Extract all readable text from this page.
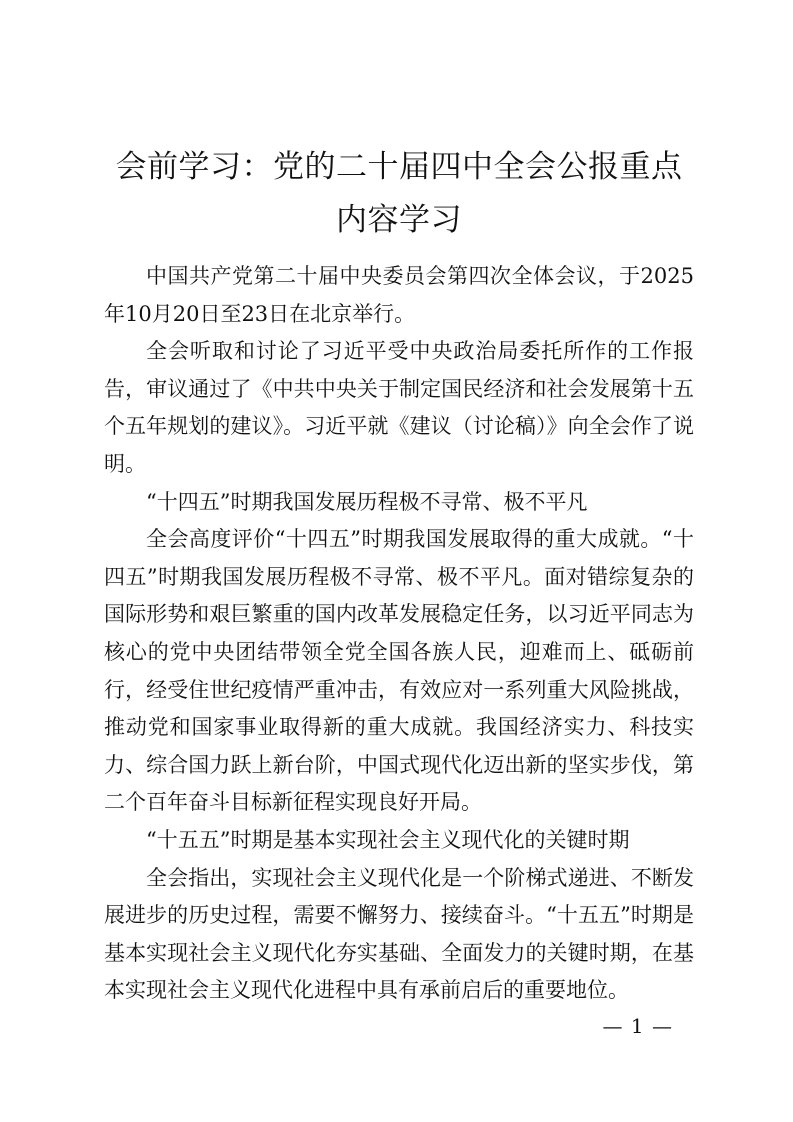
会前学习：党的二十届四中全会公报重点内容学习

中国共产党第二十届中央委员会第四次全体会议，于2025年10月20日至23日在北京举行。

全会听取和讨论了习近平受中央政治局委托所作的工作报告，审议通过了《中共中央关于制定国民经济和社会发展第十五个五年规划的建议》。习近平就《建议（讨论稿）》向全会作了说明。

“十四五”时期我国发展历程极不寻常、极不平凡

全会高度评价“十四五”时期我国发展取得的重大成就。“十四五”时期我国发展历程极不寻常、极不平凡。面对错综复杂的国际形势和艰巨繁重的国内改革发展稳定任务，以习近平同志为核心的党中央团结带领全党全国各族人民，迎难而上、砥砺前行，经受住世纪疫情严重冲击，有效应对一系列重大风险挑战，推动党和国家事业取得新的重大成就。我国经济实力、科技实力、综合国力跃上新台阶，中国式现代化迈出新的坚实步伐，第二个百年奋斗目标新征程实现良好开局。

“十五五”时期是基本实现社会主义现代化的关键时期

全会指出，实现社会主义现代化是一个阶梯式递进、不断发展进步的历史过程，需要不懈努力、接续奋斗。“十五五”时期是基本实现社会主义现代化夯实基础、全面发力的关键时期，在基本实现社会主义现代化进程中具有承前启后的重要地位。

— 1 —
